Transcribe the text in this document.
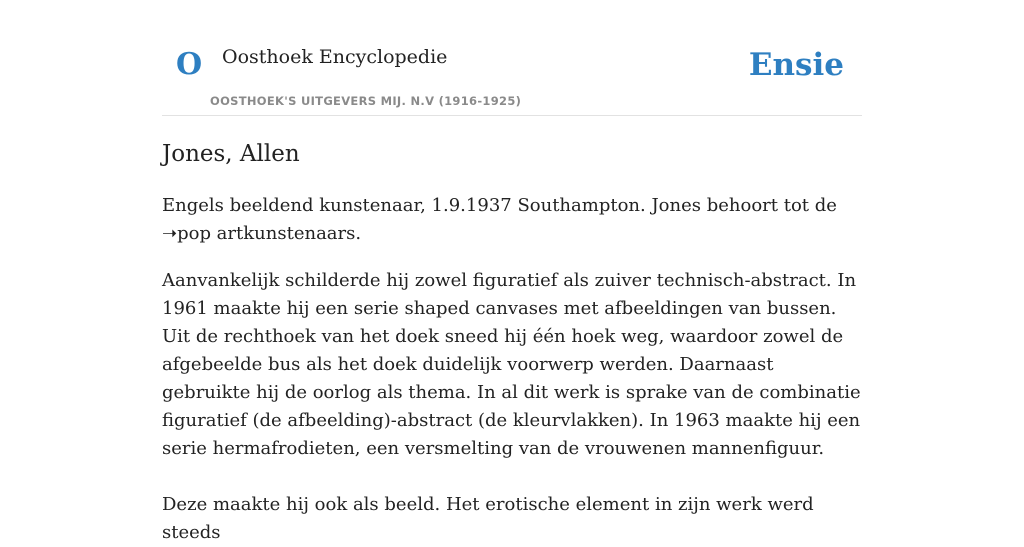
O Oosthoek Encyclopedie
OOSTHOEK'S UITGEVERS MIJ. N.V (1916-1925)
Ensie
Jones, Allen

Engels beeldend kunstenaar, 1.9.1937 Southampton. Jones behoort tot de ➝pop artkunstenaars.

Aanvankelijk schilderde hij zowel figuratief als zuiver technisch-abstract. In 1961 maakte hij een serie shaped canvases met afbeeldingen van bussen. Uit de rechthoek van het doek sneed hij één hoek weg, waardoor zowel de afgebeelde bus als het doek duidelijk voorwerp werden. Daarnaast gebruikte hij de oorlog als thema. In al dit werk is sprake van de combinatie figuratief (de afbeelding)-abstract (de kleurvlakken). In 1963 maakte hij een serie hermafrodieten, een versmelting van de vrouwenen mannenfiguur.

Deze maakte hij ook als beeld. Het erotische element in zijn werk werd steeds
